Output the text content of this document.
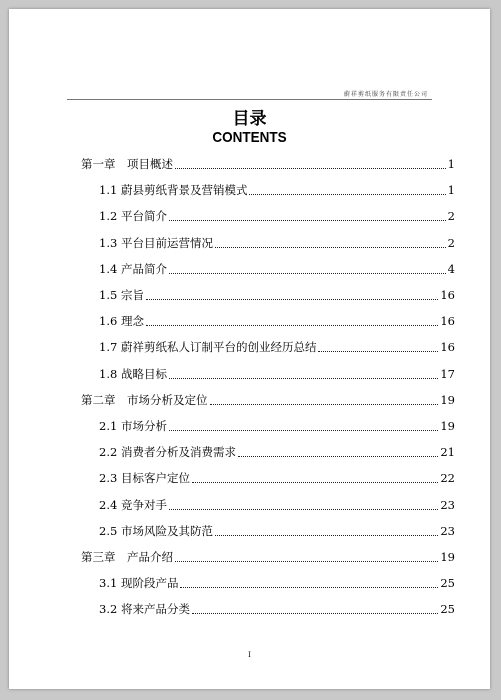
蔚祥剪纸服务有限责任公司
目录
CONTENTS
第一章　项目概述	1
1.1 蔚县剪纸背景及营销模式	1
1.2 平台简介	2
1.3 平台目前运营情况	2
1.4 产品简介	4
1.5 宗旨	16
1.6 理念	16
1.7 蔚祥剪纸私人订制平台的创业经历总结	16
1.8 战略目标	17
第二章　市场分析及定位	19
2.1 市场分析	19
2.2 消费者分析及消费需求	21
2.3 目标客户定位	22
2.4 竞争对手	23
2.5 市场风险及其防范	23
第三章　产品介绍	19
3.1 现阶段产品	25
3.2 将来产品分类	25
I
